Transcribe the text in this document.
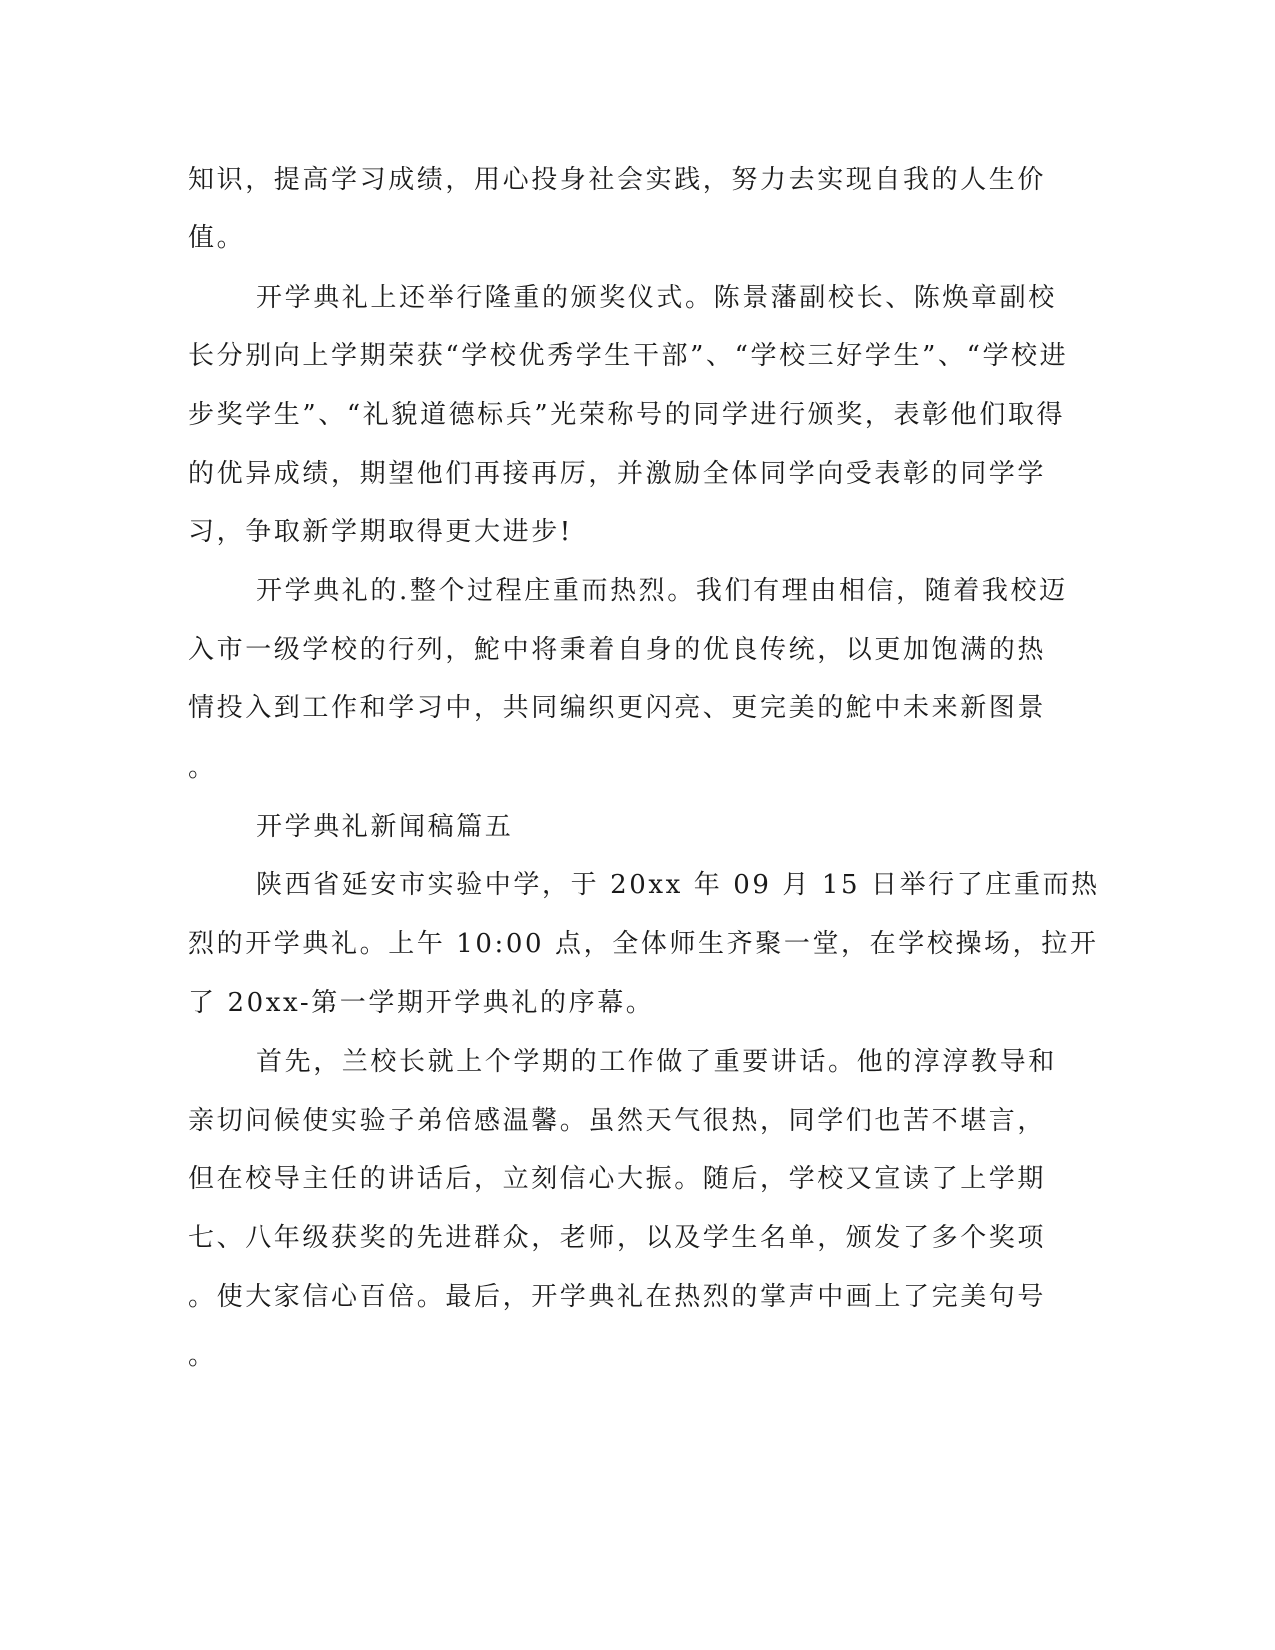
知识，提高学习成绩，用心投身社会实践，努力去实现自我的人生价
值。
开学典礼上还举行隆重的颁奖仪式。陈景藩副校长、陈焕章副校
长分别向上学期荣获“学校优秀学生干部”、“学校三好学生”、“学校进
步奖学生”、“礼貌道德标兵”光荣称号的同学进行颁奖，表彰他们取得
的优异成绩，期望他们再接再厉，并激励全体同学向受表彰的同学学
习，争取新学期取得更大进步!
开学典礼的.整个过程庄重而热烈。我们有理由相信，随着我校迈
入市一级学校的行列，鮀中将秉着自身的优良传统，以更加饱满的热
情投入到工作和学习中，共同编织更闪亮、更完美的鮀中未来新图景
。
开学典礼新闻稿篇五
陕西省延安市实验中学，于 20xx 年 09 月 15 日举行了庄重而热
烈的开学典礼。上午 10:00 点，全体师生齐聚一堂，在学校操场，拉开
了 20xx-第一学期开学典礼的序幕。
首先，兰校长就上个学期的工作做了重要讲话。他的淳淳教导和
亲切问候使实验子弟倍感温馨。虽然天气很热，同学们也苦不堪言，
但在校导主任的讲话后，立刻信心大振。随后，学校又宣读了上学期
七、八年级获奖的先进群众，老师，以及学生名单，颁发了多个奖项
。使大家信心百倍。最后，开学典礼在热烈的掌声中画上了完美句号
。
